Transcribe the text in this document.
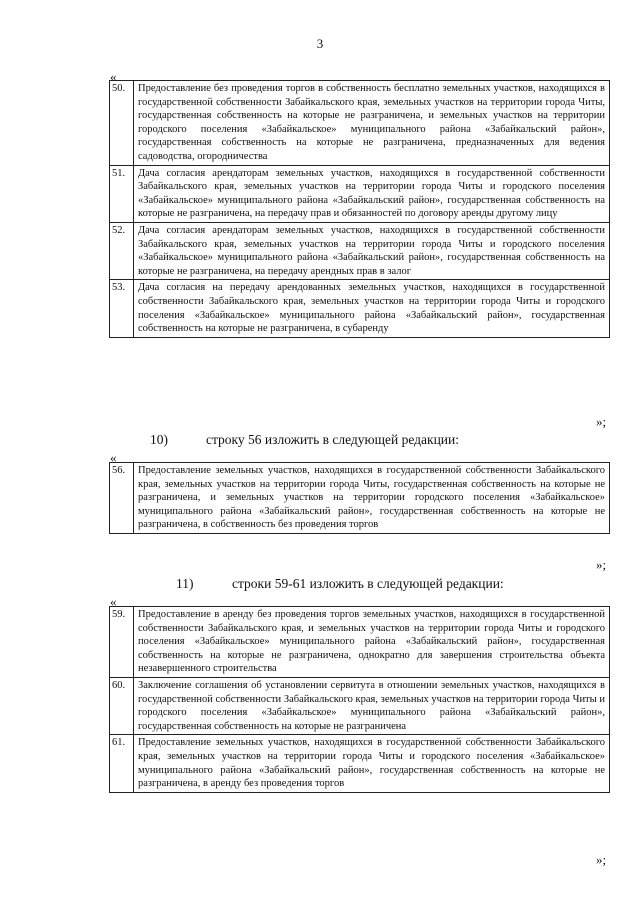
3
«
50.	Предоставление без проведения торгов в собственность бесплатно земельных участков, находящихся в государственной собственности Забайкальского края, земельных участков на территории города Читы, государственная собственность на которые не разграничена, и земельных участков на территории городского поселения «Забайкальское» муниципального района «Забайкальский район», государственная собственность на которые не разграничена, предназначенных для ведения садоводства, огородничества
51.	Дача согласия арендаторам земельных участков, находящихся в государственной собственности Забайкальского края, земельных участков на территории города Читы и городского поселения «Забайкальское» муниципального района «Забайкальский район», государственная собственность на которые не разграничена, на передачу прав и обязанностей по договору аренды другому лицу
52.	Дача согласия арендаторам земельных участков, находящихся в государственной собственности Забайкальского края, земельных участков на территории города Читы и городского поселения «Забайкальское» муниципального района «Забайкальский район», государственная собственность на которые не разграничена, на передачу арендных прав в залог
53.	Дача согласия на передачу арендованных земельных участков, находящихся в государственной собственности Забайкальского края, земельных участков на территории города Читы и городского поселения «Забайкальское» муниципального района «Забайкальский район», государственная собственность на которые не разграничена, в субаренду
»;
10)	строку 56 изложить в следующей редакции:
«
56.	Предоставление земельных участков, находящихся в государственной собственности Забайкальского края, земельных участков на территории города Читы, государственная собственность на которые не разграничена, и земельных участков на территории городского поселения «Забайкальское» муниципального района «Забайкальский район», государственная собственность на которые не разграничена, в собственность без проведения торгов
»;
11)	строки 59-61 изложить в следующей редакции:
«
59.	Предоставление в аренду без проведения торгов земельных участков, находящихся в государственной собственности Забайкальского края, и земельных участков на территории города Читы и городского поселения «Забайкальское» муниципального района «Забайкальский район», государственная собственность на которые не разграничена, однократно для завершения строительства объекта незавершенного строительства
60.	Заключение соглашения об установлении сервитута в отношении земельных участков, находящихся в государственной собственности Забайкальского края, земельных участков на территории города Читы и городского поселения «Забайкальское» муниципального района «Забайкальский район», государственная собственность на которые не разграничена
61.	Предоставление земельных участков, находящихся в государственной собственности Забайкальского края, земельных участков на территории города Читы и городского поселения «Забайкальское» муниципального района «Забайкальский район», государственная собственность на которые не разграничена, в аренду без проведения торгов
»;
